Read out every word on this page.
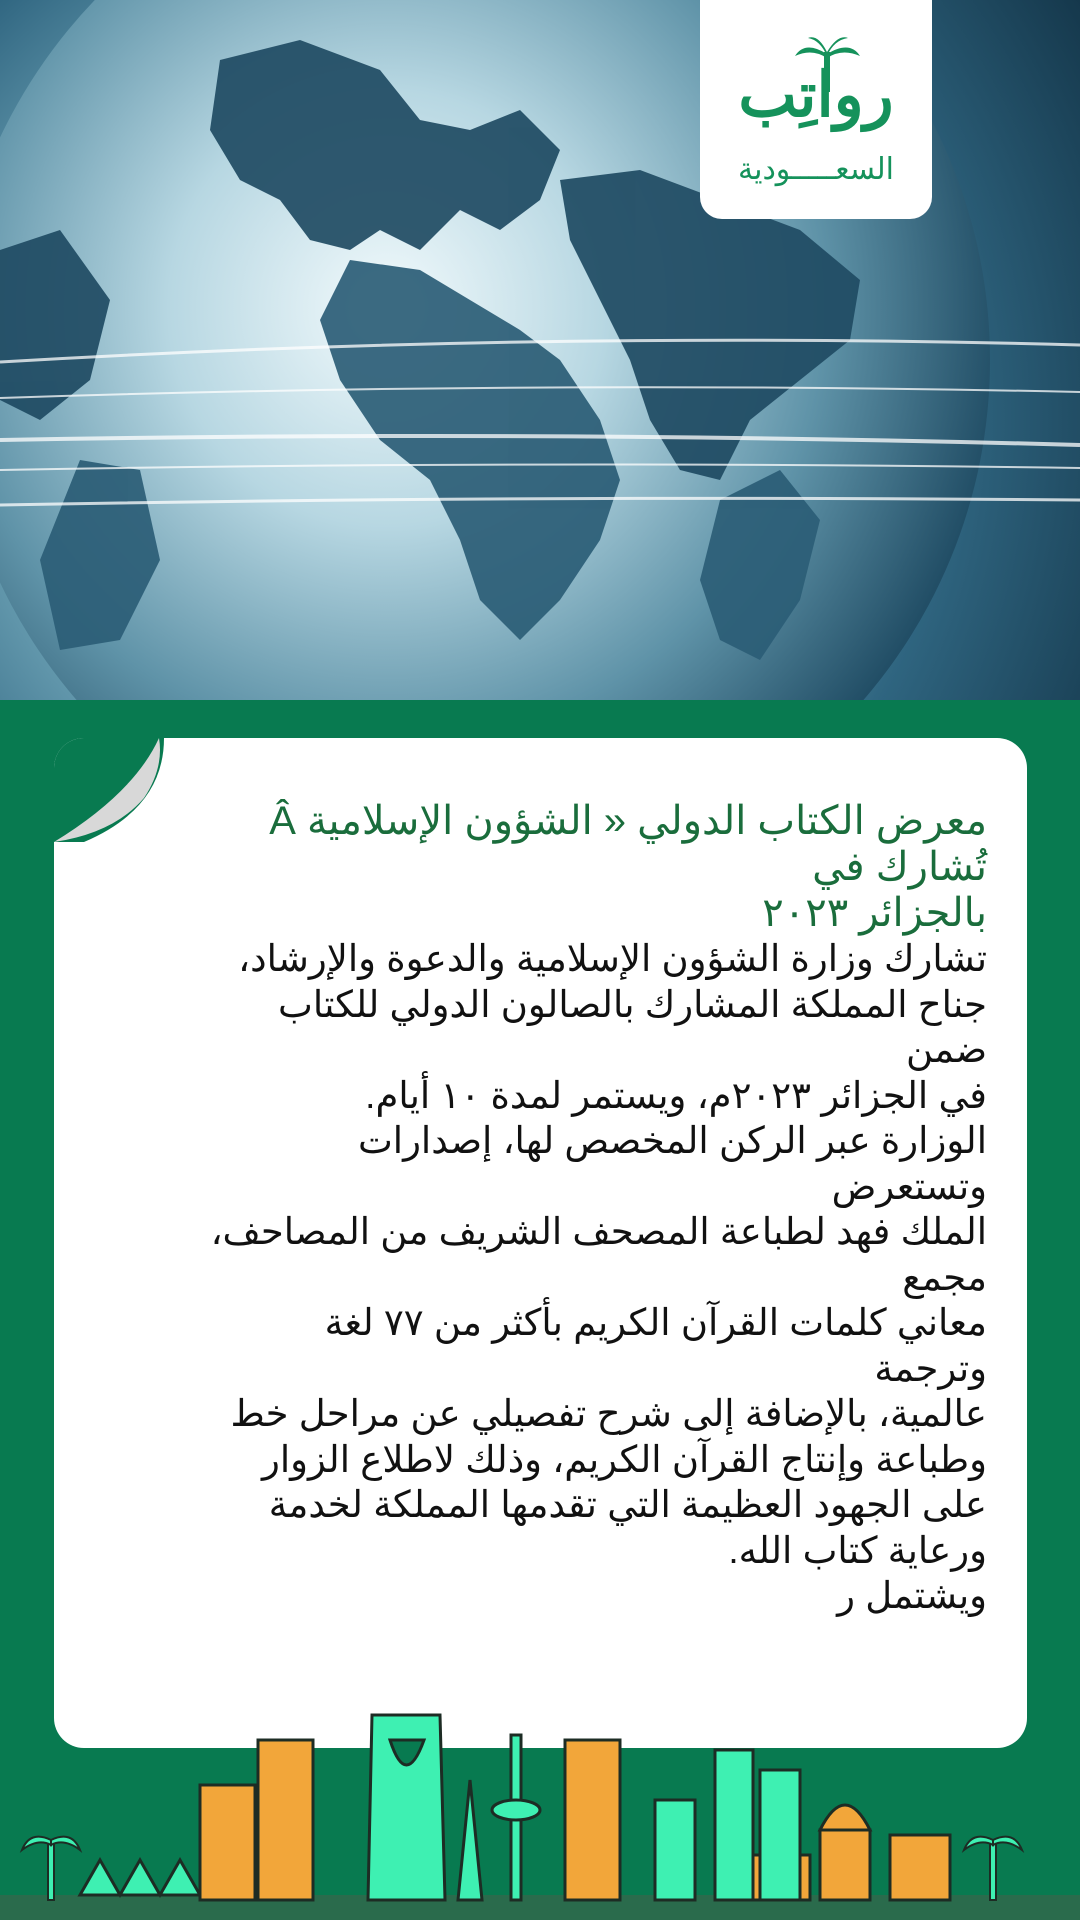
رواتِب
السعـــــودية

معرض الكتاب الدولي « الشؤون الإسلامية Â
تُشارك في
بالجزائر ٢٠٢٣

تشارك وزارة الشؤون الإسلامية والدعوة والإرشاد،
جناح المملكة المشارك بالصالون الدولي للكتاب
ضمن
في الجزائر ٢٠٢٣م، ويستمر لمدة ١٠ أيام.
الوزارة عبر الركن المخصص لها، إصدارات
وتستعرض
الملك فهد لطباعة المصحف الشريف من المصاحف،
مجمع
معاني كلمات القرآن الكريم بأكثر من ٧٧ لغة
وترجمة
عالمية، بالإضافة إلى شرح تفصيلي عن مراحل خط
وطباعة وإنتاج القرآن الكريم، وذلك لاطلاع الزوار
على الجهود العظيمة التي تقدمها المملكة لخدمة
ورعاية كتاب الله.
ويشتمل ر
